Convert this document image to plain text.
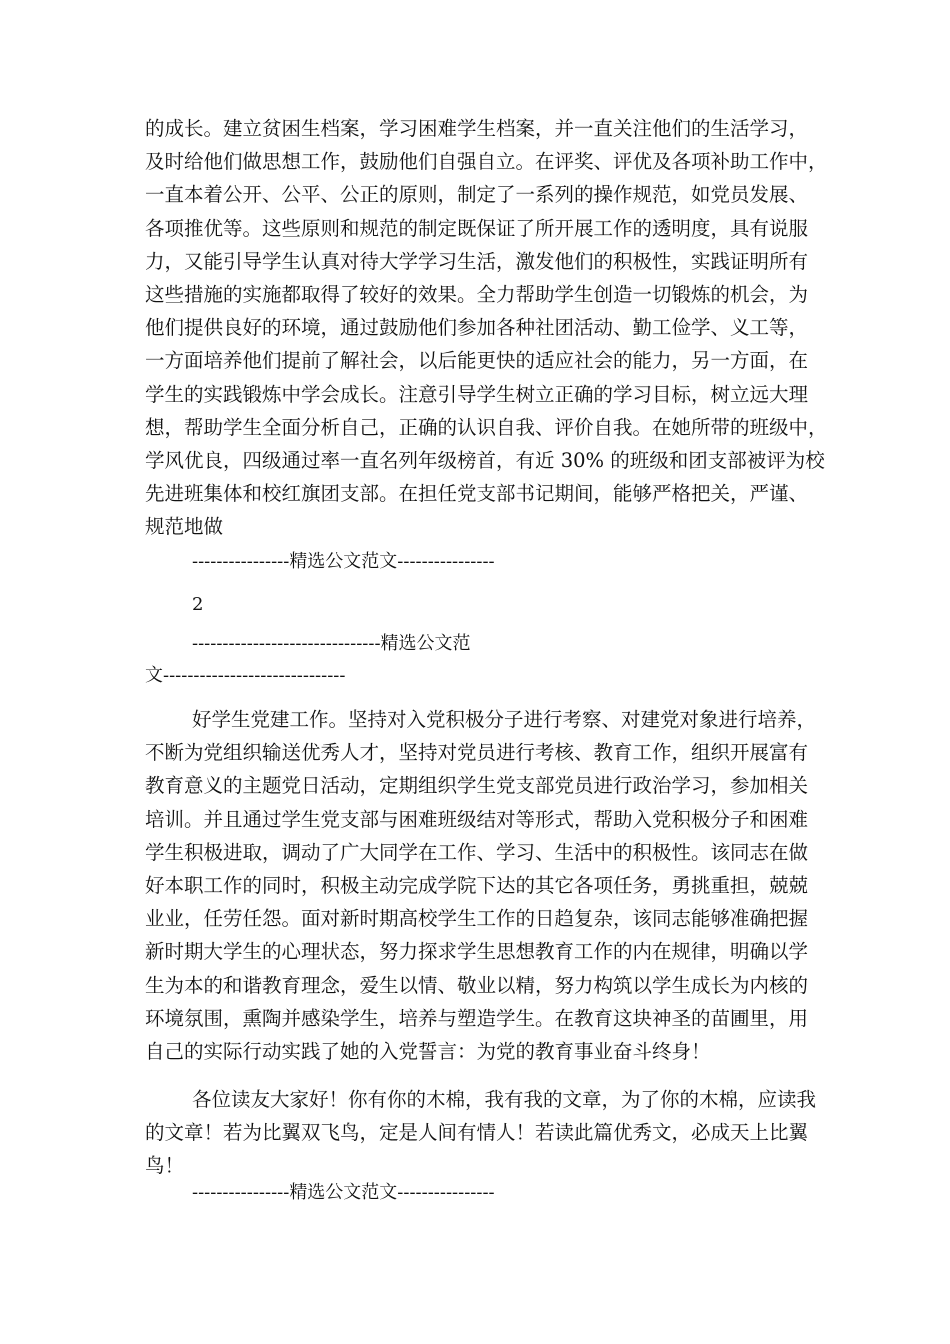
的成长。建立贫困生档案，学习困难学生档案，并一直关注他们的生活学习，
及时给他们做思想工作，鼓励他们自强自立。在评奖、评优及各项补助工作中，
一直本着公开、公平、公正的原则，制定了一系列的操作规范，如党员发展、
各项推优等。这些原则和规范的制定既保证了所开展工作的透明度，具有说服
力，又能引导学生认真对待大学学习生活，激发他们的积极性，实践证明所有
这些措施的实施都取得了较好的效果。全力帮助学生创造一切锻炼的机会，为
他们提供良好的环境，通过鼓励他们参加各种社团活动、勤工俭学、义工等，
一方面培养他们提前了解社会，以后能更快的适应社会的能力，另一方面，在
学生的实践锻炼中学会成长。注意引导学生树立正确的学习目标，树立远大理
想，帮助学生全面分析自己，正确的认识自我、评价自我。在她所带的班级中，
学风优良，四级通过率一直名列年级榜首，有近 30% 的班级和团支部被评为校
先进班集体和校红旗团支部。在担任党支部书记期间，能够严格把关，严谨、
规范地做
----------------精选公文范文----------------
2
-------------------------------精选公文范
文------------------------------
好学生党建工作。坚持对入党积极分子进行考察、对建党对象进行培养，
不断为党组织输送优秀人才，坚持对党员进行考核、教育工作，组织开展富有
教育意义的主题党日活动，定期组织学生党支部党员进行政治学习，参加相关
培训。并且通过学生党支部与困难班级结对等形式，帮助入党积极分子和困难
学生积极进取，调动了广大同学在工作、学习、生活中的积极性。该同志在做
好本职工作的同时，积极主动完成学院下达的其它各项任务，勇挑重担，兢兢
业业，任劳任怨。面对新时期高校学生工作的日趋复杂，该同志能够准确把握
新时期大学生的心理状态，努力探求学生思想教育工作的内在规律，明确以学
生为本的和谐教育理念，爱生以情、敬业以精，努力构筑以学生成长为内核的
环境氛围，熏陶并感染学生，培养与塑造学生。在教育这块神圣的苗圃里，用
自己的实际行动实践了她的入党誓言：为党的教育事业奋斗终身！
各位读友大家好！你有你的木棉，我有我的文章，为了你的木棉，应读我
的文章！若为比翼双飞鸟，定是人间有情人！若读此篇优秀文，必成天上比翼
鸟！
----------------精选公文范文----------------
